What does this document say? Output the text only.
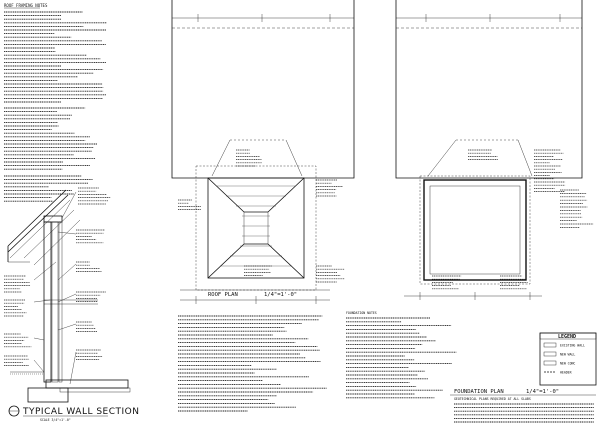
ROOF FRAMING NOTES
TYPICAL WALL SECTION
SCALE 3/4"=1'-0"
ROOF PLAN	1/4"=1'-0"
FOUNDATION PLAN	1/4"=1'-0"
GEOTECHNICAL PLANS REQUIRED AT ALL SLABS
FOUNDATION NOTES
LEGEND
EXISTING WALL
NEW WALL
NEW CONC
HEADER
